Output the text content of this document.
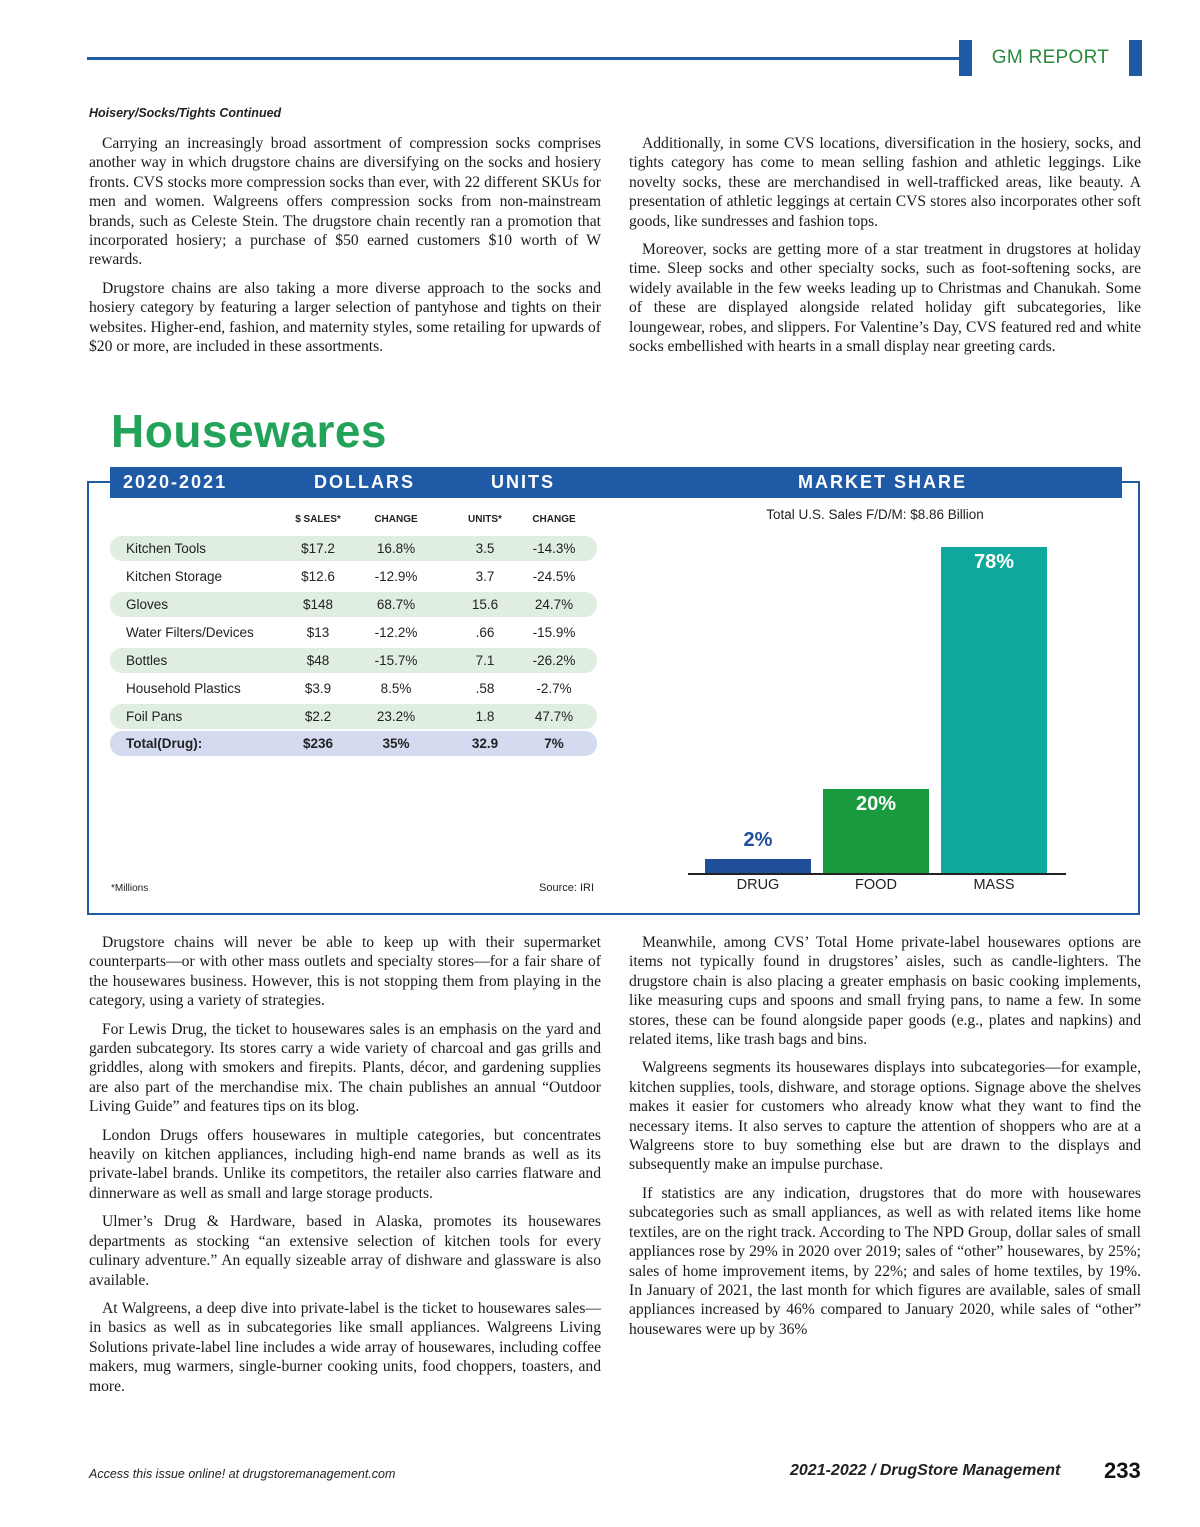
GM REPORT
Hoisery/Socks/Tights Continued

Carrying an increasingly broad assortment of compression socks comprises another way in which drugstore chains are diversifying on the socks and hosiery fronts. CVS stocks more compression socks than ever, with 22 different SKUs for men and women. Walgreens offers compression socks from non-mainstream brands, such as Celeste Stein. The drugstore chain recently ran a promotion that incorporated hosiery; a purchase of $50 earned customers $10 worth of W rewards.

Drugstore chains are also taking a more diverse approach to the socks and hosiery category by featuring a larger selection of pantyhose and tights on their websites. Higher-end, fashion, and maternity styles, some retailing for upwards of $20 or more, are included in these assortments.

Additionally, in some CVS locations, diversification in the hosiery, socks, and tights category has come to mean selling fashion and athletic leggings. Like novelty socks, these are merchandised in well-trafficked areas, like beauty. A presentation of athletic leggings at certain CVS stores also incorporates other soft goods, like sundresses and fashion tops.

Moreover, socks are getting more of a star treatment in drugstores at holiday time. Sleep socks and other specialty socks, such as foot-softening socks, are widely available in the few weeks leading up to Christmas and Chanukah. Some of these are displayed alongside related holiday gift subcategories, like loungewear, robes, and slippers. For Valentine’s Day, CVS featured red and white socks embellished with hearts in a small display near greeting cards.

Housewares
2020-2021	DOLLARS	UNITS	MARKET SHARE
$ SALES*	CHANGE	UNITS*	CHANGE
Kitchen Tools	$17.2	16.8%	3.5	-14.3%
Kitchen Storage	$12.6	-12.9%	3.7	-24.5%
Gloves	$148	68.7%	15.6	24.7%
Water Filters/Devices	$13	-12.2%	.66	-15.9%
Bottles	$48	-15.7%	7.1	-26.2%
Household Plastics	$3.9	8.5%	.58	-2.7%
Foil Pans	$2.2	23.2%	1.8	47.7%
Total(Drug):	$236	35%	32.9	7%
*Millions	Source: IRI
Total U.S. Sales F/D/M: $8.86 Billion
2%
DRUG
20%
FOOD
78%
MASS

Drugstore chains will never be able to keep up with their supermarket counterparts—or with other mass outlets and specialty stores—for a fair share of the housewares business. However, this is not stopping them from playing in the category, using a variety of strategies.

For Lewis Drug, the ticket to housewares sales is an emphasis on the yard and garden subcategory. Its stores carry a wide variety of charcoal and gas grills and griddles, along with smokers and firepits. Plants, décor, and gardening supplies are also part of the merchandise mix. The chain publishes an annual “Outdoor Living Guide” and features tips on its blog.

London Drugs offers housewares in multiple categories, but concentrates heavily on kitchen appliances, including high-end name brands as well as its private-label brands. Unlike its competitors, the retailer also carries flatware and dinnerware as well as small and large storage products.

Ulmer’s Drug & Hardware, based in Alaska, promotes its housewares departments as stocking “an extensive selection of kitchen tools for every culinary adventure.” An equally sizeable array of dishware and glassware is also available.

At Walgreens, a deep dive into private-label is the ticket to housewares sales—in basics as well as in subcategories like small appliances. Walgreens Living Solutions private-label line includes a wide array of housewares, including coffee makers, mug warmers, single-burner cooking units, food choppers, toasters, and more.

Meanwhile, among CVS’ Total Home private-label housewares options are items not typically found in drugstores’ aisles, such as candle-lighters. The drugstore chain is also placing a greater emphasis on basic cooking implements, like measuring cups and spoons and small frying pans, to name a few. In some stores, these can be found alongside paper goods (e.g., plates and napkins) and related items, like trash bags and bins.

Walgreens segments its housewares displays into subcategories—for example, kitchen supplies, tools, dishware, and storage options. Signage above the shelves makes it easier for customers who already know what they want to find the necessary items. It also serves to capture the attention of shoppers who are at a Walgreens store to buy something else but are drawn to the displays and subsequently make an impulse purchase.

If statistics are any indication, drugstores that do more with housewares subcategories such as small appliances, as well as with related items like home textiles, are on the right track. According to The NPD Group, dollar sales of small appliances rose by 29% in 2020 over 2019; sales of “other” housewares, by 25%; sales of home improvement items, by 22%; and sales of home textiles, by 19%. In January of 2021, the last month for which figures are available, sales of small appliances increased by 46% compared to January 2020, while sales of “other” housewares were up by 36%

Access this issue online! at drugstoremanagement.com	2021-2022 / DrugStore Management 233
